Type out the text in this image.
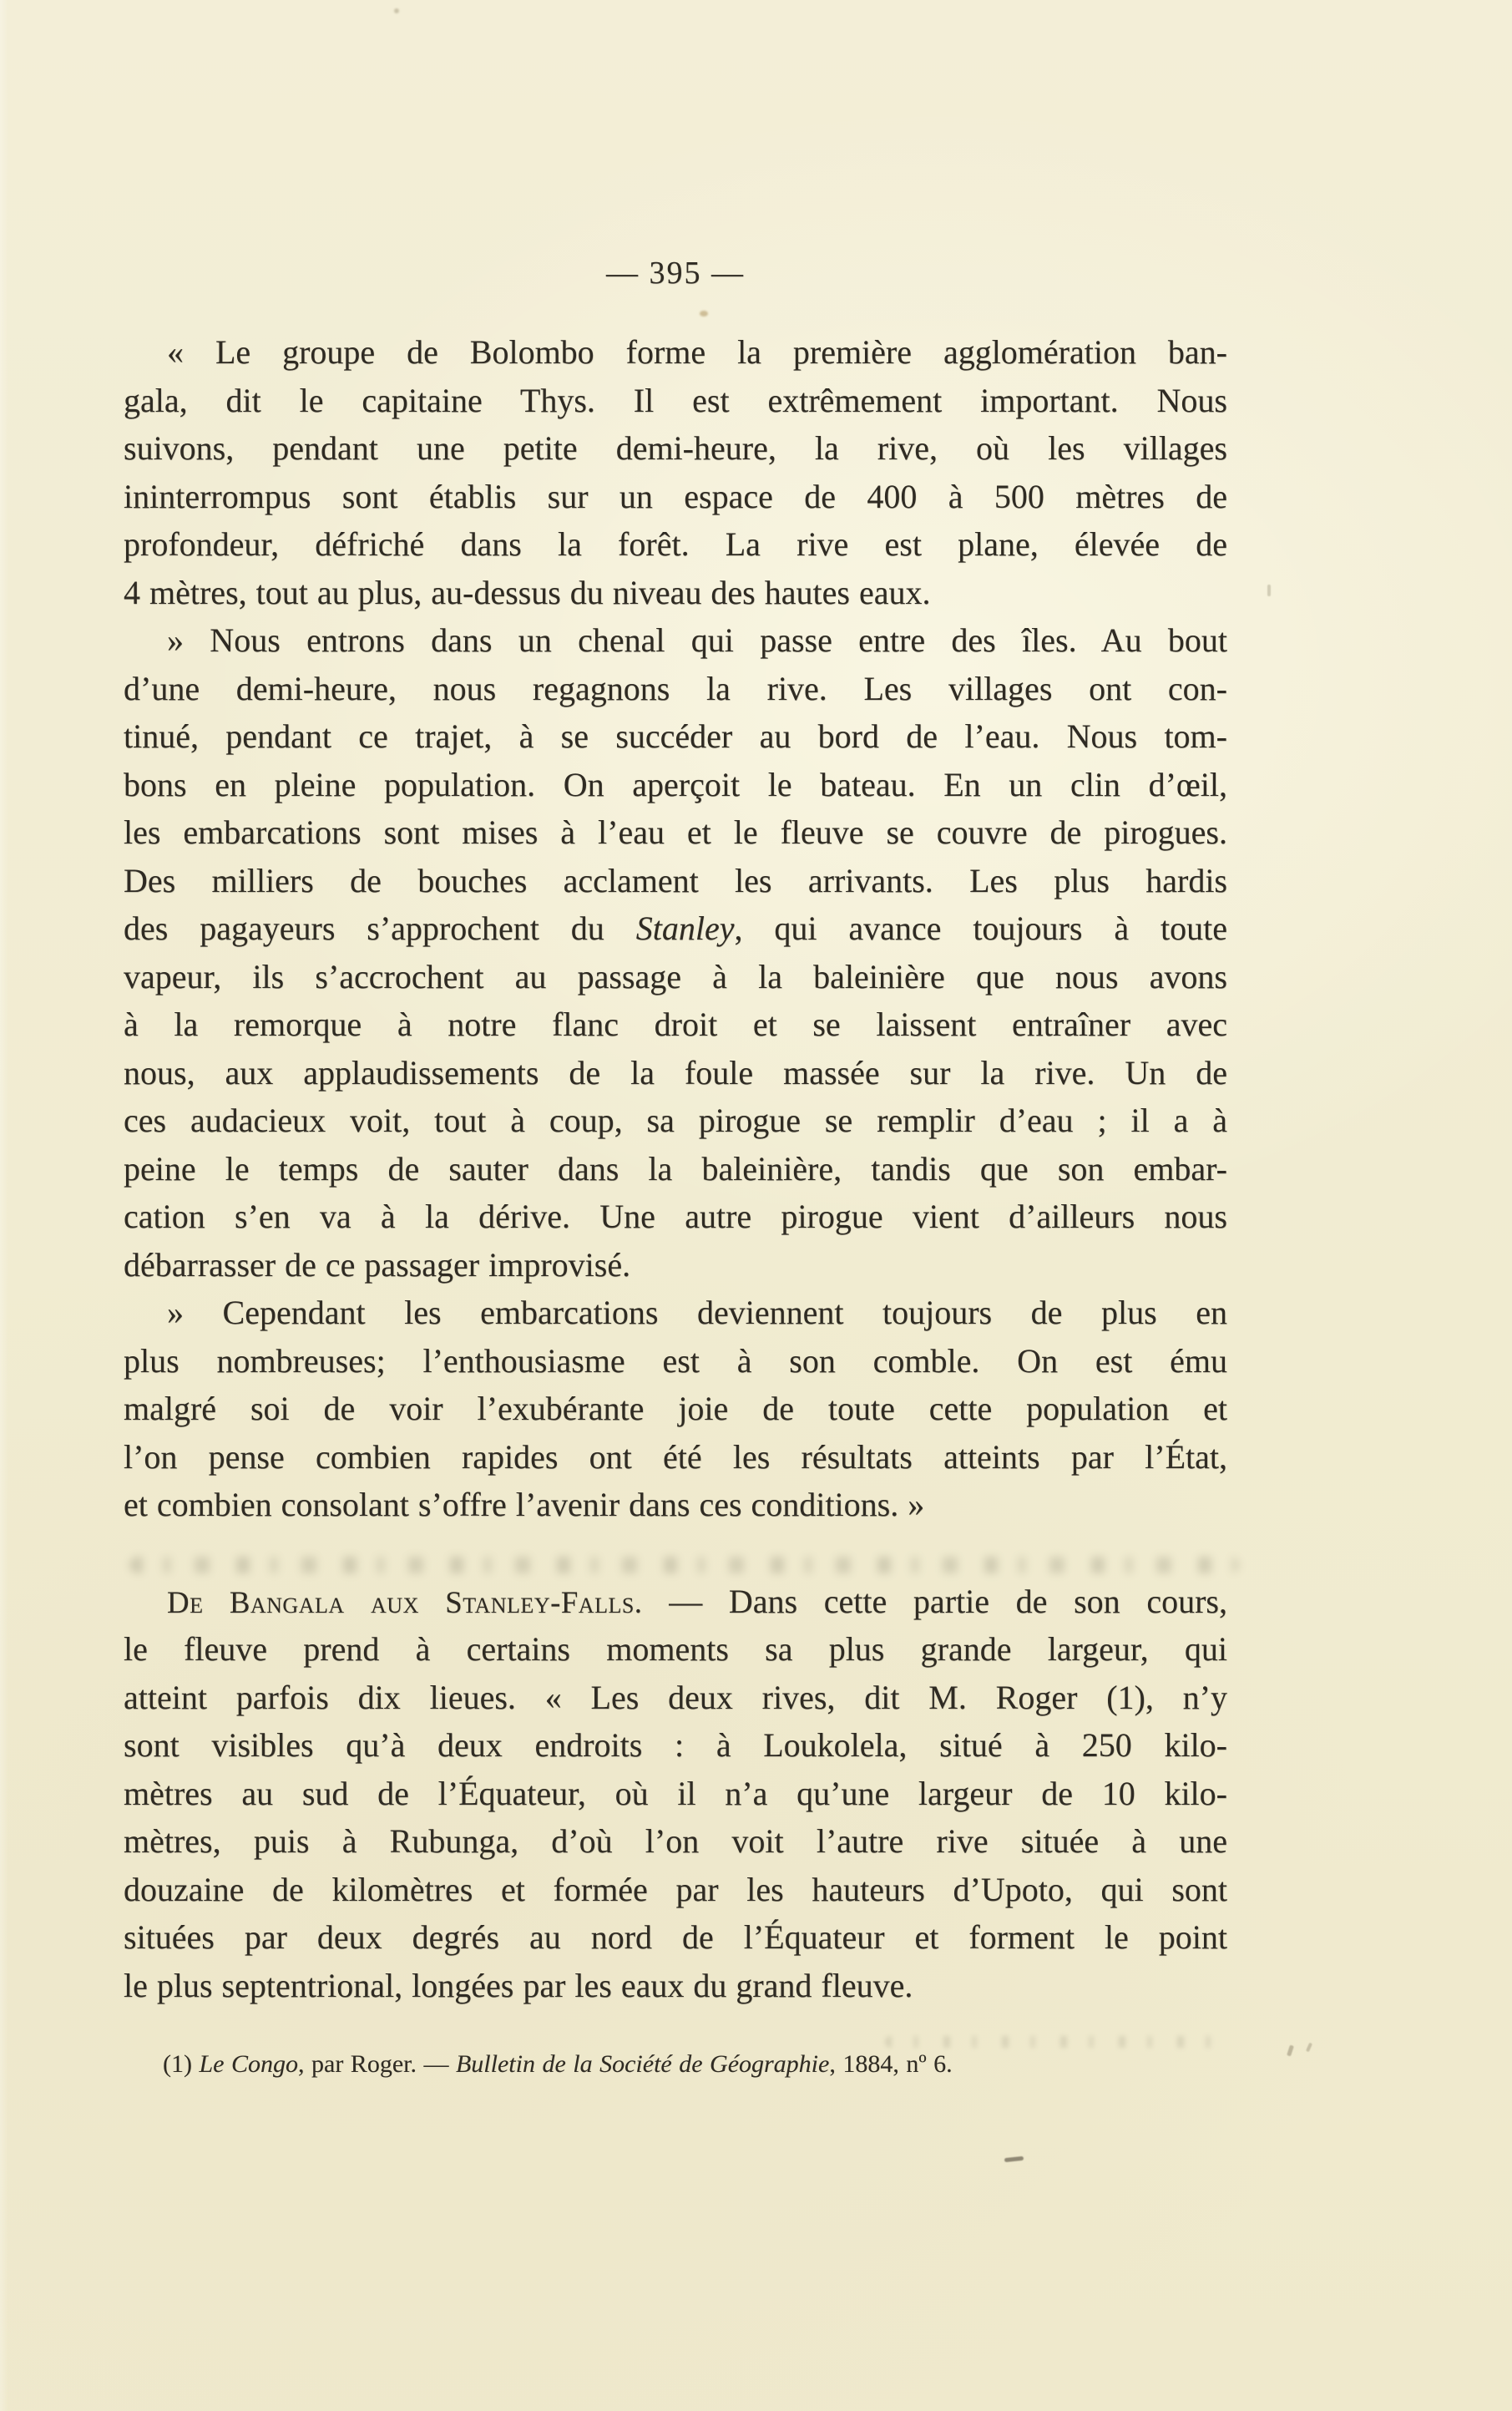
— 395 —
« Le groupe de Bolombo forme la première agglomération ban-
gala, dit le capitaine Thys. Il est extrêmement important. Nous
suivons, pendant une petite demi-heure, la rive, où les villages
ininterrompus sont établis sur un espace de 400 à 500 mètres de
profondeur, défriché dans la forêt. La rive est plane, élevée de
4 mètres, tout au plus, au-dessus du niveau des hautes eaux.
» Nous entrons dans un chenal qui passe entre des îles. Au bout
d’une demi-heure, nous regagnons la rive. Les villages ont con-
tinué, pendant ce trajet, à se succéder au bord de l’eau. Nous tom-
bons en pleine population. On aperçoit le bateau. En un clin d’œil,
les embarcations sont mises à l’eau et le fleuve se couvre de pirogues.
Des milliers de bouches acclament les arrivants. Les plus hardis
des pagayeurs s’approchent du Stanley, qui avance toujours à toute
vapeur, ils s’accrochent au passage à la baleinière que nous avons
à la remorque à notre flanc droit et se laissent entraîner avec
nous, aux applaudissements de la foule massée sur la rive. Un de
ces audacieux voit, tout à coup, sa pirogue se remplir d’eau ; il a à
peine le temps de sauter dans la baleinière, tandis que son embar-
cation s’en va à la dérive. Une autre pirogue vient d’ailleurs nous
débarrasser de ce passager improvisé.
» Cependant les embarcations deviennent toujours de plus en
plus nombreuses; l’enthousiasme est à son comble. On est ému
malgré soi de voir l’exubérante joie de toute cette population et
l’on pense combien rapides ont été les résultats atteints par l’État,
et combien consolant s’offre l’avenir dans ces conditions. »
De Bangala aux Stanley-Falls. — Dans cette partie de son cours,
le fleuve prend à certains moments sa plus grande largeur, qui
atteint parfois dix lieues. « Les deux rives, dit M. Roger (1), n’y
sont visibles qu’à deux endroits : à Loukolela, situé à 250 kilo-
mètres au sud de l’Équateur, où il n’a qu’une largeur de 10 kilo-
mètres, puis à Rubunga, d’où l’on voit l’autre rive située à une
douzaine de kilomètres et formée par les hauteurs d’Upoto, qui sont
situées par deux degrés au nord de l’Équateur et forment le point
le plus septentrional, longées par les eaux du grand fleuve.
(1) Le Congo, par Roger. — Bulletin de la Société de Géographie, 1884, nº 6.
